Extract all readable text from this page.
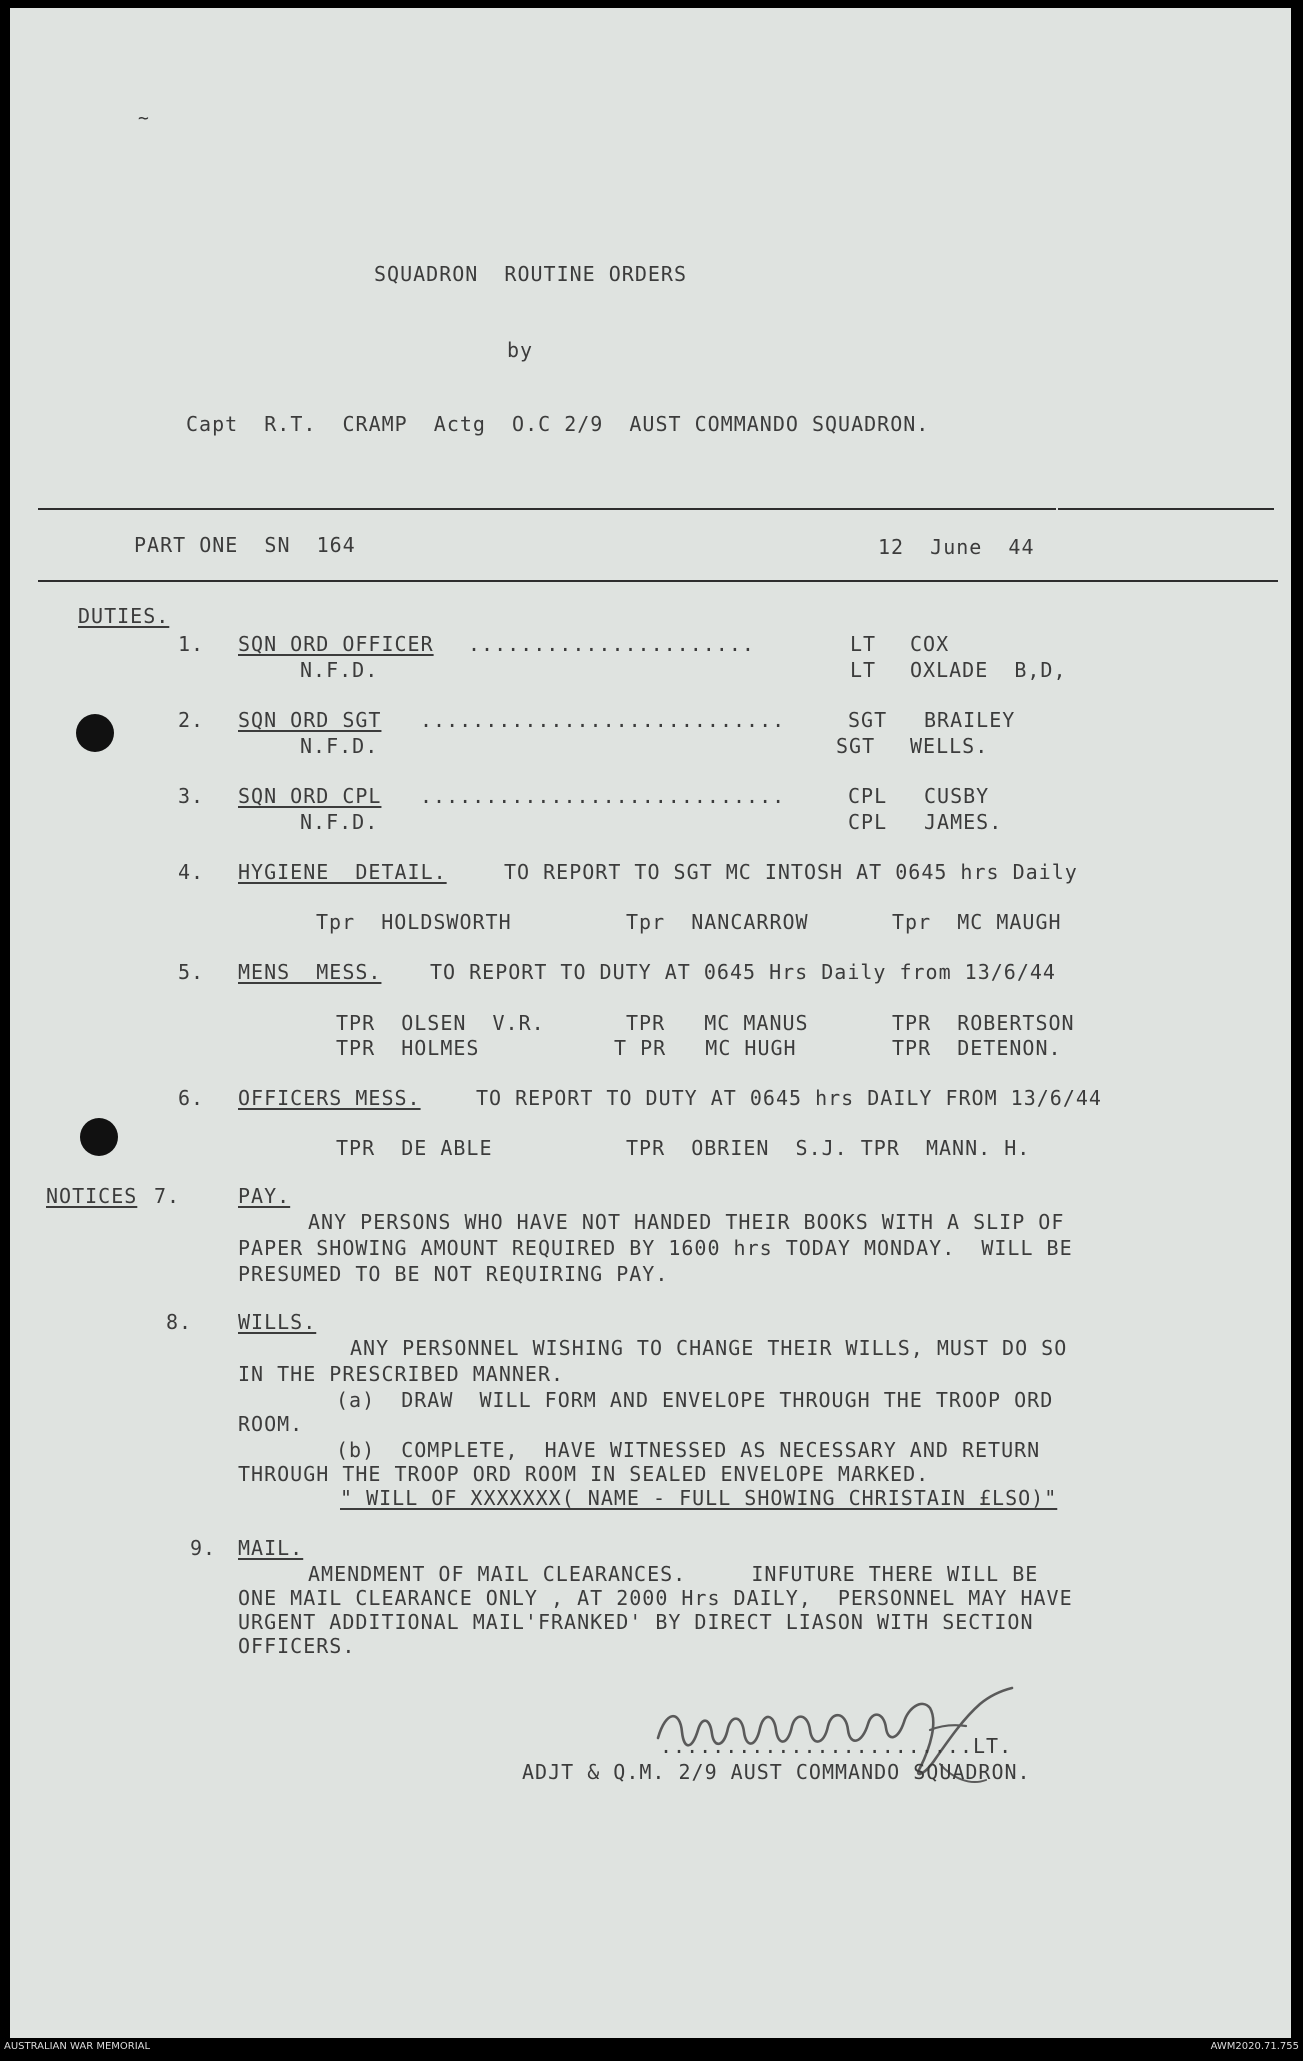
~
SQUADRON  ROUTINE ORDERS
by
Capt  R.T.  CRAMP  Actg  O.C 2/9  AUST COMMANDO SQUADRON.
PART ONE  SN  164	12  June  44
DUTIES.
1. SQN ORD OFFICER ......................	LT COX
N.F.D.	LT OXLADE  B,D,
2. SQN ORD SGT ............................	SGT BRAILEY
N.F.D.	SGT WELLS.
3. SQN ORD CPL ............................	CPL CUSBY
N.F.D.	CPL JAMES.
4. HYGIENE  DETAIL.	TO REPORT TO SGT MC INTOSH AT 0645 hrs Daily
Tpr  HOLDSWORTH	Tpr  NANCARROW	Tpr  MC MAUGH
5. MENS  MESS. TO REPORT TO DUTY AT 0645 Hrs Daily from 13/6/44
TPR  OLSEN  V.R.	TPR   MC MANUS	TPR  ROBERTSON
TPR  HOLMES	T PR   MC HUGH	TPR  DETENON.
6. OFFICERS MESS.	TO REPORT TO DUTY AT 0645 hrs DAILY FROM 13/6/44
TPR  DE ABLE	TPR  OBRIEN  S.J. TPR  MANN. H.
NOTICES 7.	PAY.
ANY PERSONS WHO HAVE NOT HANDED THEIR BOOKS WITH A SLIP OF
PAPER SHOWING AMOUNT REQUIRED BY 1600 hrs TODAY MONDAY.  WILL BE
PRESUMED TO BE NOT REQUIRING PAY.
8. WILLS.
ANY PERSONNEL WISHING TO CHANGE THEIR WILLS, MUST DO SO
IN THE PRESCRIBED MANNER.
(a)  DRAW  WILL FORM AND ENVELOPE THROUGH THE TROOP ORD
ROOM.
(b)  COMPLETE,  HAVE WITNESSED AS NECESSARY AND RETURN
THROUGH THE TROOP ORD ROOM IN SEALED ENVELOPE MARKED.
" WILL OF XXXXXXX( NAME - FULL SHOWING CHRISTAIN £LSO)"
9. MAIL.
AMENDMENT OF MAIL CLEARANCES.     INFUTURE THERE WILL BE
ONE MAIL CLEARANCE ONLY , AT 2000 Hrs DAILY,  PERSONNEL MAY HAVE
URGENT ADDITIONAL MAIL'FRANKED' BY DIRECT LIASON WITH SECTION
OFFICERS.
........................LT.
ADJT & Q.M. 2/9 AUST COMMANDO SQUADRON.
AUSTRALIAN WAR MEMORIAL	AWM2020.71.755
